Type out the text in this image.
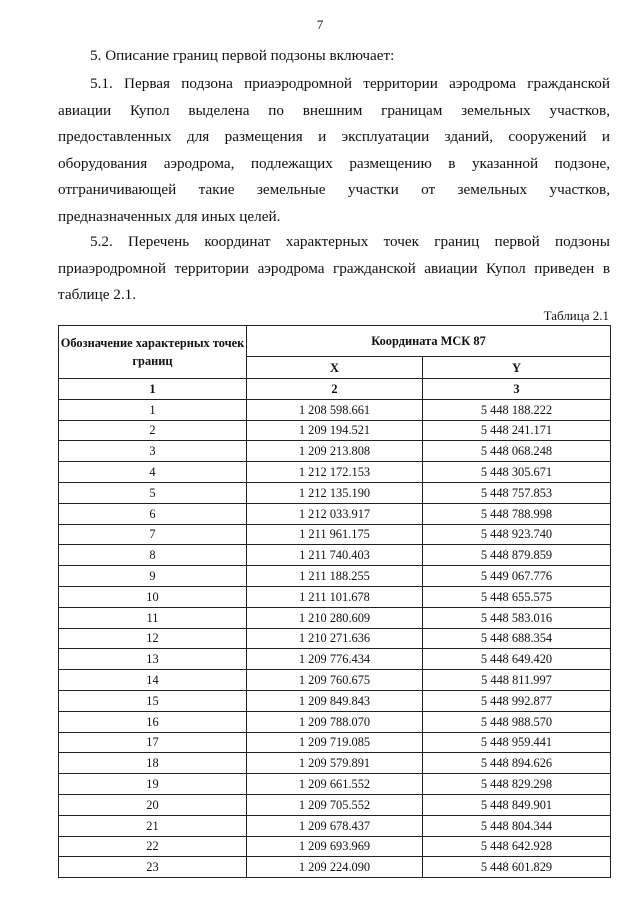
7
5. Описание границ первой подзоны включает:
5.1. Первая подзона приаэродромной территории аэродрома гражданской авиации Купол выделена по внешним границам земельных участков, предоставленных для размещения и эксплуатации зданий, сооружений и оборудования аэродрома, подлежащих размещению в указанной подзоне, отграничивающей такие земельные участки от земельных участков, предназначенных для иных целей.
5.2. Перечень координат характерных точек границ первой подзоны приаэродромной территории аэродрома гражданской авиации Купол приведен в таблице 2.1.
Таблица 2.1
Обозначение характерных точек границ	Координата МСК 87	
	X	Y
1	2	3
1	1 208 598.661	5 448 188.222
2	1 209 194.521	5 448 241.171
3	1 209 213.808	5 448 068.248
4	1 212 172.153	5 448 305.671
5	1 212 135.190	5 448 757.853
6	1 212 033.917	5 448 788.998
7	1 211 961.175	5 448 923.740
8	1 211 740.403	5 448 879.859
9	1 211 188.255	5 449 067.776
10	1 211 101.678	5 448 655.575
11	1 210 280.609	5 448 583.016
12	1 210 271.636	5 448 688.354
13	1 209 776.434	5 448 649.420
14	1 209 760.675	5 448 811.997
15	1 209 849.843	5 448 992.877
16	1 209 788.070	5 448 988.570
17	1 209 719.085	5 448 959.441
18	1 209 579.891	5 448 894.626
19	1 209 661.552	5 448 829.298
20	1 209 705.552	5 448 849.901
21	1 209 678.437	5 448 804.344
22	1 209 693.969	5 448 642.928
23	1 209 224.090	5 448 601.829
